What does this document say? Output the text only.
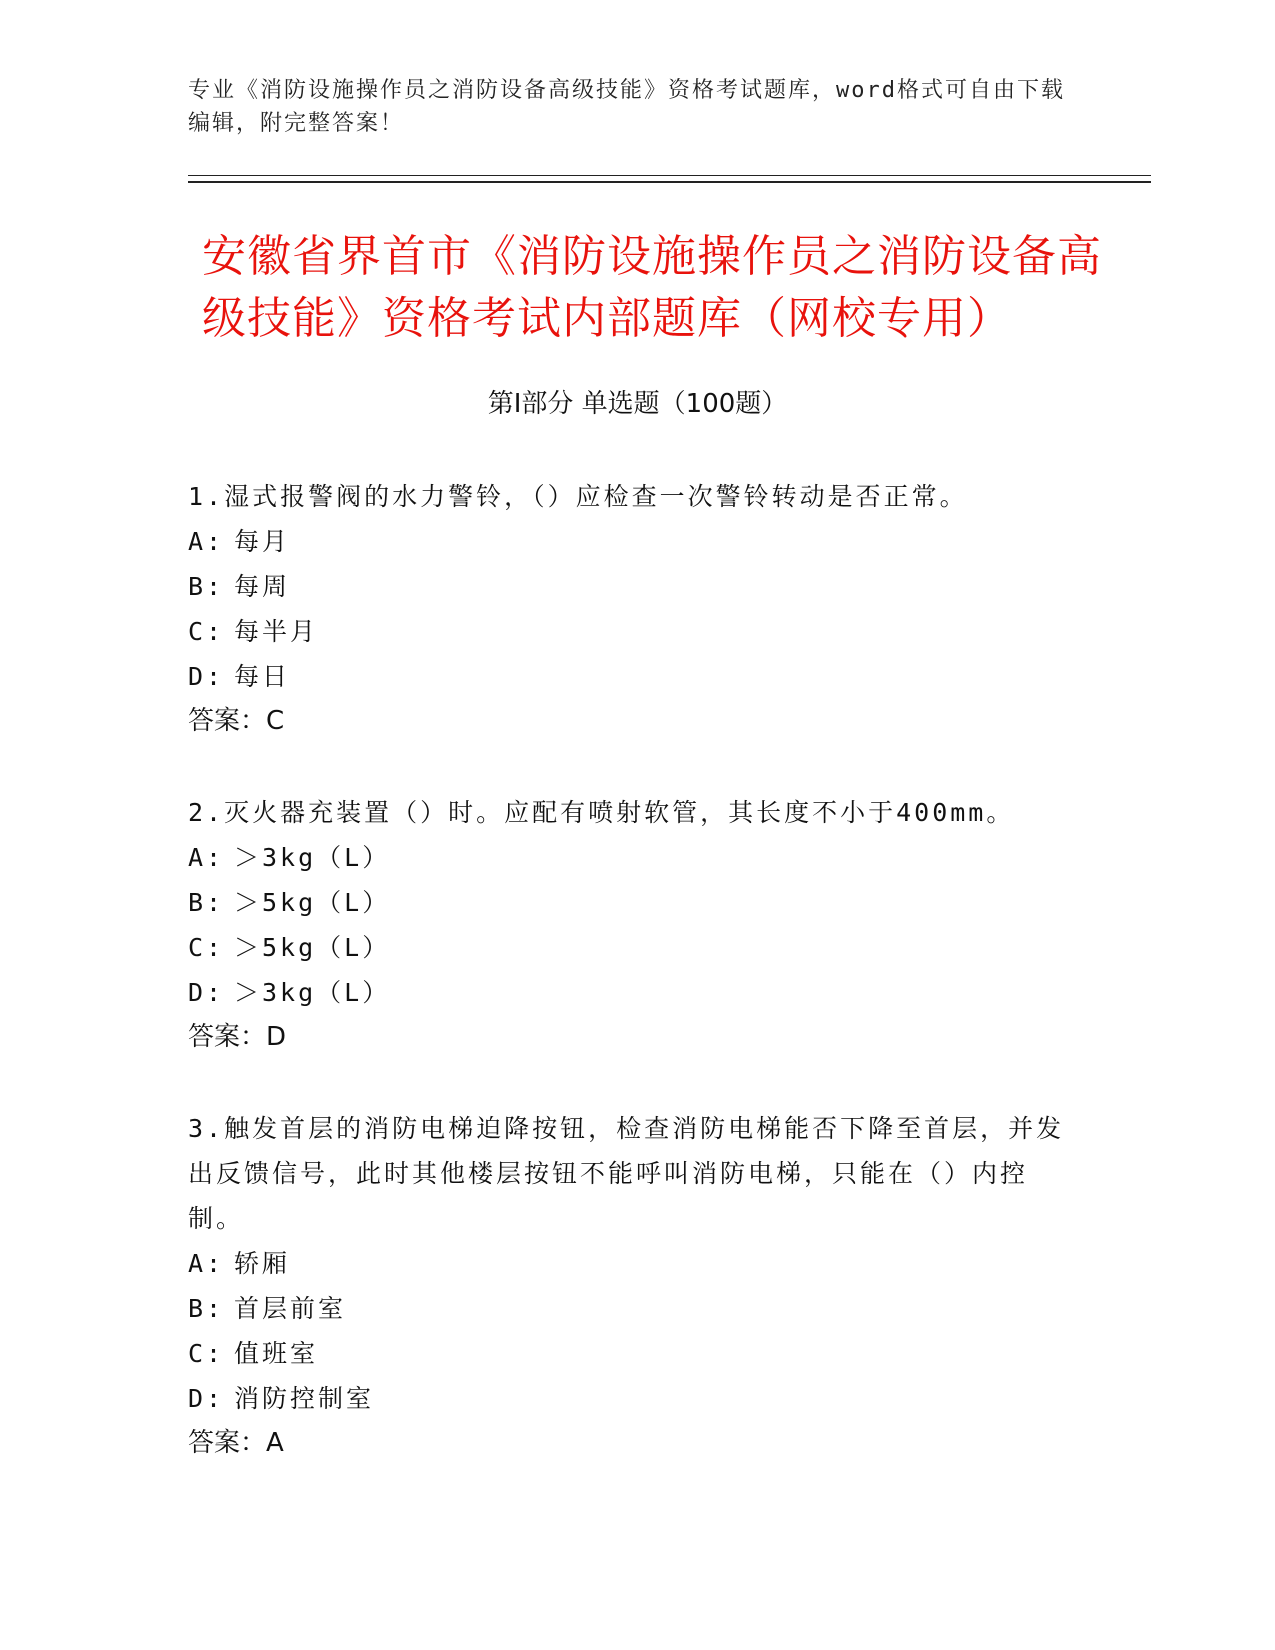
专业《消防设施操作员之消防设备高级技能》资格考试题库，word格式可自由下载编辑，附完整答案！
安徽省界首市《消防设施操作员之消防设备高级技能》资格考试内部题库（网校专用）
第Ⅰ部分 单选题（100题）
1.湿式报警阀的水力警铃，（）应检查一次警铃转动是否正常。
A: 每月
B: 每周
C: 每半月
D: 每日
答案：C
2.灭火器充装置（）时。应配有喷射软管，其长度不小于400mm。
A: ＞3kg（L）
B: ＞5kg（L）
C: ＞5kg（L）
D: ＞3kg（L）
答案：D
3.触发首层的消防电梯迫降按钮，检查消防电梯能否下降至首层，并发出反馈信号，此时其他楼层按钮不能呼叫消防电梯，只能在（）内控制。
A: 轿厢
B: 首层前室
C: 值班室
D: 消防控制室
答案：A
